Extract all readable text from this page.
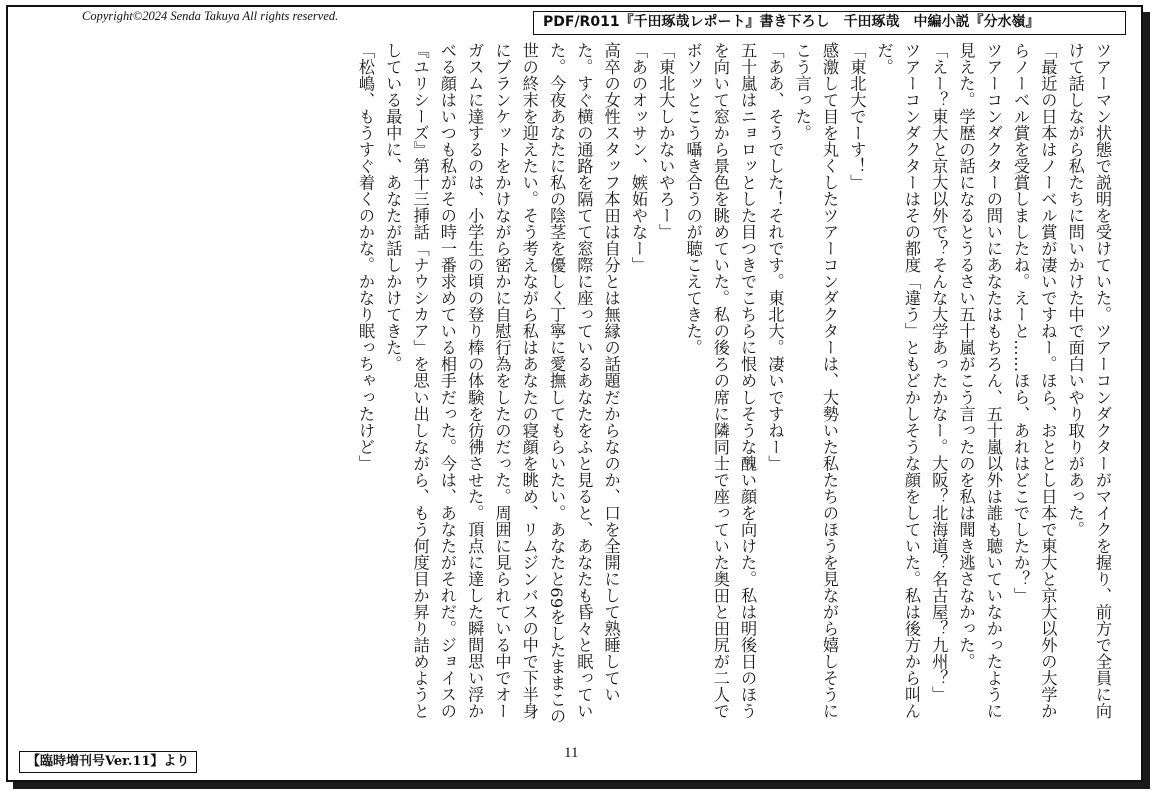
Copyright©2024 Senda Takuya All rights reserved.	PDF/R011『千田琢哉レポート』書き下ろし　千田琢哉　中編小説『分水嶺』

ツアーマン状態で説明を受けていた。ツアーコンダクターがマイクを握り、前方で全員に向けて話しながら私たちに問いかけた中で面白いやり取りがあった。

「最近の日本はノーベル賞が凄いですねー。ほら、おととし日本で東大と京大以外の大学からノーベル賞を受賞しましたね。えーと……ほら、あれはどこでしたか？」

ツアーコンダクターの問いにあなたはもちろん、五十嵐以外は誰も聴いていなかったように見えた。学歴の話になるとうるさい五十嵐がこう言ったのを私は聞き逃さなかった。

「えー？東大と京大以外で？そんな大学あったかなー。大阪？北海道？名古屋？九州？」

ツアーコンダクターはその都度「違う」ともどかしそうな顔をしていた。私は後方から叫んだ。

「東北大でーす！」

感激して目を丸くしたツアーコンダクターは、大勢いた私たちのほうを見ながら嬉しそうにこう言った。

「ああ、そうでした！それです。東北大。凄いですねー」

五十嵐はニョロッとした目つきでこちらに恨めしそうな醜い顔を向けた。私は明後日のほうを向いて窓から景色を眺めていた。私の後ろの席に隣同士で座っていた奥田と田尻が二人でボソッとこう囁き合うのが聴こえてきた。

「東北大しかないやろー」

「あのオッサン、嫉妬やなー」

高卒の女性スタッフ本田は自分とは無縁の話題だからなのか、口を全開にして熟睡していた。すぐ横の通路を隔てて窓際に座っているあなたをふと見ると、あなたも昏々と眠っていた。今夜あなたに私の陰茎を優しく丁寧に愛撫してもらいたい。あなたと69をしたままこの世の終末を迎えたい。そう考えながら私はあなたの寝顔を眺め、リムジンバスの中で下半身にブランケットをかけながら密かに自慰行為をしたのだった。周囲に見られている中でオーガスムに達するのは、小学生の頃の登り棒の体験を彷彿させた。頂点に達した瞬間思い浮かべる顔はいつも私がその時一番求めている相手だった。今は、あなたがそれだ。ジョイスの『ユリシーズ』第十三挿話「ナウシカア」を思い出しながら、もう何度目か昇り詰めようとしている最中に、あなたが話しかけてきた。

「松嶋、もうすぐ着くのかな。かなり眠っちゃったけど」

11
【臨時増刊号Ver.11】より
